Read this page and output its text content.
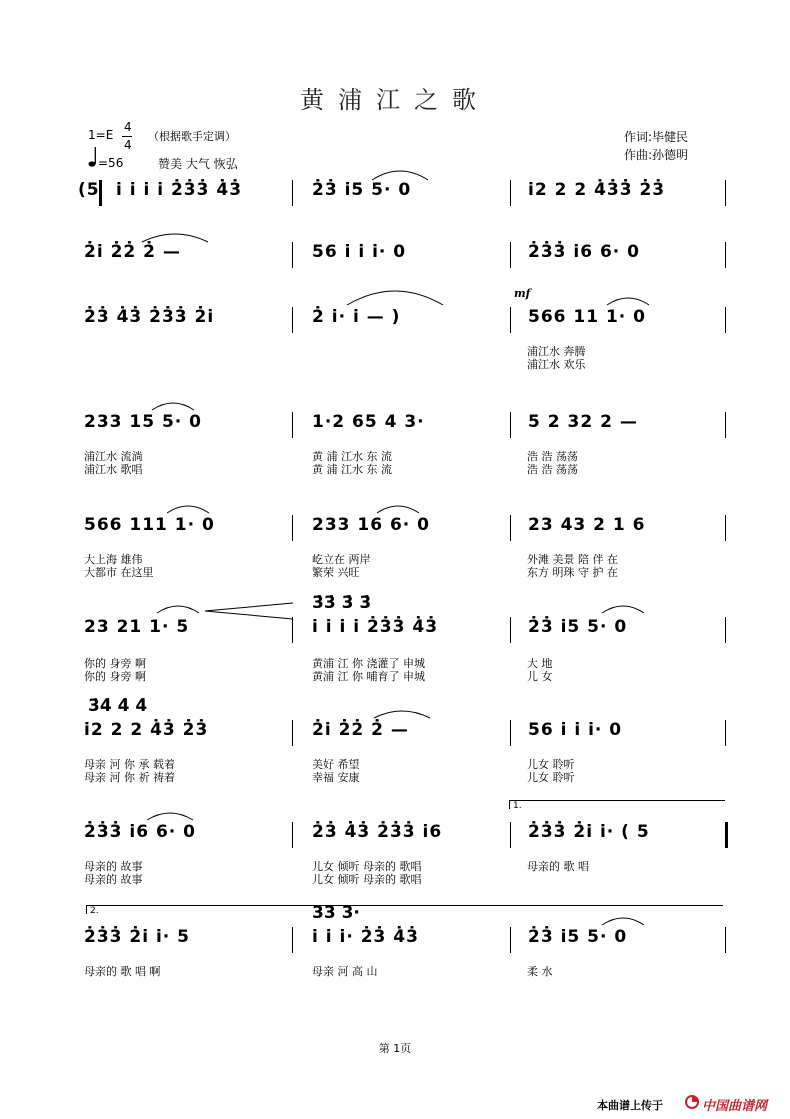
黄浦江之歌
1=E
4
4
（根据歌手定调）
=56	赞美 大气 恢弘
作词:毕健民
作曲:孙德明
(5 i i i i 2̇3̇3̇ 4̇3̇	2̇3̇ i5 5· 0	i2 2 2 4̇3̇3̇ 2̇3̇
2̇i 2̇2̇ 2̇ —	56 i i i· 0	2̇3̇3̇ i6 6· 0
2̇3̇ 4̇3̇ 2̇3̇3̇ 2̇i	2̇ i· i — )
mf
566 11 1· 0
浦江水 奔腾
浦江水 欢乐
233 15 5· 0	1·2 65 4 3·	5 2 32 2 —
浦江水 流淌
浦江水 歌唱
黄 浦 江水 东 流
黄 浦 江水 东 流
浩 浩 荡荡
浩 浩 荡荡
566 111 1· 0	233 16 6· 0	23 43 2 1 6
大上海 雄伟
大都市 在这里
屹立在 两岸
繁荣 兴旺
外滩 美景 陪 伴 在
东方 明珠 守 护 在
3̇3̇ 3̇ 3̇
23 21 1· 5	i i i i 2̇3̇3̇ 4̇3̇	2̇3̇ i5 5· 0
你的 身旁 啊
你的 身旁 啊
黄浦 江 你 浇灌了 申城
黄浦 江 你 哺育了 申城
大 地
儿 女
3̇4̇ 4̇ 4̇
i2 2 2 4̇3̇ 2̇3̇	2̇i 2̇2̇ 2̇ —	56 i i i· 0
母亲 河 你 承 载着
母亲 河 你 祈 祷着
美好 希望
幸福 安康
儿女 聆听
儿女 聆听
1.
2̇3̇3̇ i6 6· 0	2̇3̇ 4̇3̇ 2̇3̇3̇ i6	2̇3̇3̇ 2̇i i· ( 5
母亲的 故事
母亲的 故事
儿女 倾听 母亲的 歌唱
儿女 倾听 母亲的 歌唱
母亲的 歌 唱
2.	3̇3̇ 3̇·
2̇3̇3̇ 2̇i i· 5	i i i· 2̇3̇ 4̇3̇	2̇3̇ i5 5· 0
母亲的 歌 唱 啊	母亲 河 高 山	柔 水
第 1页
本曲谱上传于	中国曲谱网
